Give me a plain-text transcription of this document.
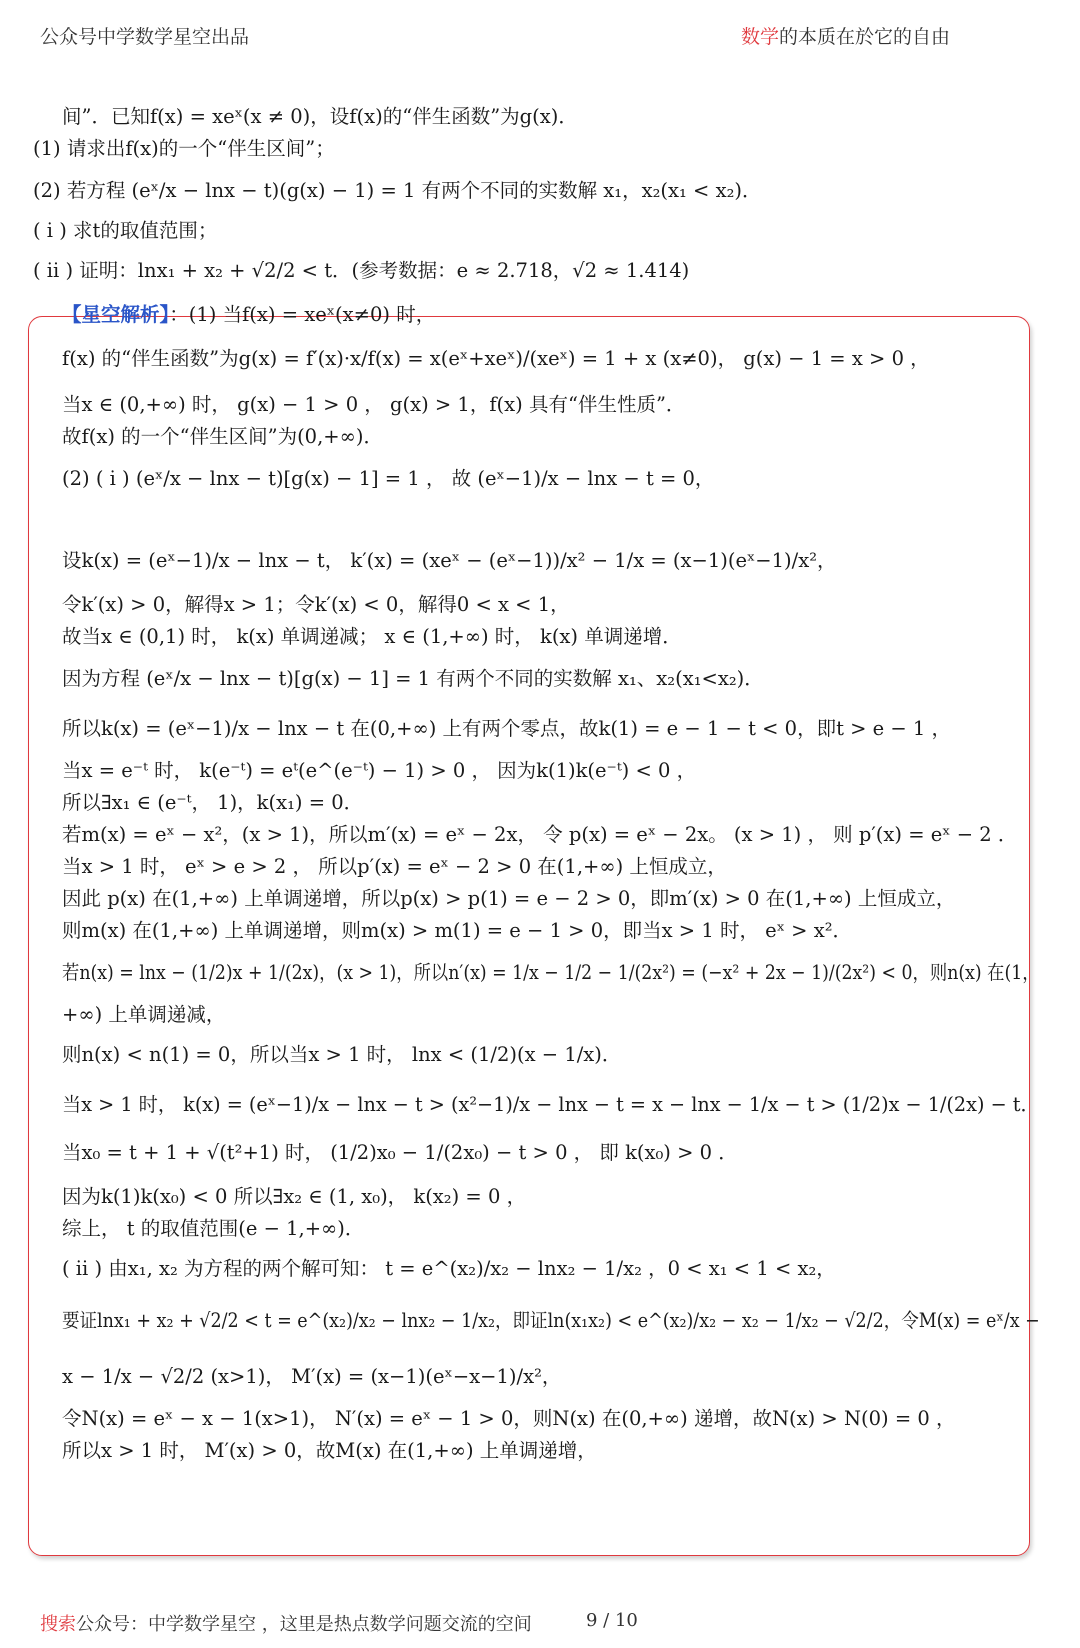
公众号中学数学星空出品	数学的本质在於它的自由
间”．已知f(x) = xeˣ(x ≠ 0)，设f(x)的“伴生函数”为g(x)．
(1) 请求出f(x)的一个“伴生区间”；
(2) 若方程 (eˣ/x − lnx − t)(g(x) − 1) = 1 有两个不同的实数解 x₁，x₂(x₁ < x₂)．
( i ) 求t的取值范围；
( ii ) 证明：lnx₁ + x₂ + √2/2 < t．(参考数据：e ≈ 2.718，√2 ≈ 1.414)
【星空解析】：(1) 当f(x) = xeˣ(x≠0) 时，
f(x) 的“伴生函数”为g(x) = f′(x)·x/f(x) = x(eˣ+xeˣ)/(xeˣ) = 1 + x (x≠0)， g(x) − 1 = x > 0 ，
当x ∈ (0,+∞) 时， g(x) − 1 > 0 ， g(x) > 1，f(x) 具有“伴生性质”．
故f(x) 的一个“伴生区间”为(0,+∞)．
(2) ( i ) (eˣ/x − lnx − t)[g(x) − 1] = 1 ， 故 (eˣ−1)/x − lnx − t = 0，
设k(x) = (eˣ−1)/x − lnx − t， k′(x) = (xeˣ − (eˣ−1))/x² − 1/x = (x−1)(eˣ−1)/x²，
令k′(x) > 0，解得x > 1；令k′(x) < 0，解得0 < x < 1，
故当x ∈ (0,1) 时， k(x) 单调递减； x ∈ (1,+∞) 时， k(x) 单调递增．
因为方程 (eˣ/x − lnx − t)[g(x) − 1] = 1 有两个不同的实数解 x₁、x₂(x₁<x₂)．
所以k(x) = (eˣ−1)/x − lnx − t 在(0,+∞) 上有两个零点，故k(1) = e − 1 − t < 0，即t > e − 1 ，
当x = e⁻ᵗ 时， k(e⁻ᵗ) = eᵗ(e^(e⁻ᵗ) − 1) > 0 ， 因为k(1)k(e⁻ᵗ) < 0 ，
所以∃x₁ ∈ (e⁻ᵗ， 1)，k(x₁) = 0．
若m(x) = eˣ − x²，(x > 1)，所以m′(x) = eˣ − 2x， 令 p(x) = eˣ − 2x。 (x > 1) ， 则 p′(x) = eˣ − 2 ．
当x > 1 时， eˣ > e > 2 ， 所以p′(x) = eˣ − 2 > 0 在(1,+∞) 上恒成立，
因此 p(x) 在(1,+∞) 上单调递增，所以p(x) > p(1) = e − 2 > 0，即m′(x) > 0 在(1,+∞) 上恒成立，
则m(x) 在(1,+∞) 上单调递增，则m(x) > m(1) = e − 1 > 0，即当x > 1 时， eˣ > x²．
若n(x) = lnx − (1/2)x + 1/(2x)，(x > 1)，所以n′(x) = 1/x − 1/2 − 1/(2x²) = (−x² + 2x − 1)/(2x²) < 0，则n(x) 在(1，
+∞) 上单调递减，
则n(x) < n(1) = 0，所以当x > 1 时， lnx < (1/2)(x − 1/x)．
当x > 1 时， k(x) = (eˣ−1)/x − lnx − t > (x²−1)/x − lnx − t = x − lnx − 1/x − t > (1/2)x − 1/(2x) − t．
当x₀ = t + 1 + √(t²+1) 时， (1/2)x₀ − 1/(2x₀) − t > 0 ， 即 k(x₀) > 0 ．
因为k(1)k(x₀) < 0 所以∃x₂ ∈ (1, x₀)， k(x₂) = 0 ，
综上， t 的取值范围(e − 1,+∞)．
( ii ) 由x₁, x₂ 为方程的两个解可知： t = e^(x₂)/x₂ − lnx₂ − 1/x₂ ，0 < x₁ < 1 < x₂，
要证lnx₁ + x₂ + √2/2 < t = e^(x₂)/x₂ − lnx₂ − 1/x₂，即证ln(x₁x₂) < e^(x₂)/x₂ − x₂ − 1/x₂ − √2/2，令M(x) = eˣ/x −
x − 1/x − √2/2 (x>1)， M′(x) = (x−1)(eˣ−x−1)/x²，
令N(x) = eˣ − x − 1(x>1)， N′(x) = eˣ − 1 > 0，则N(x) 在(0,+∞) 递增，故N(x) > N(0) = 0 ，
所以x > 1 时， M′(x) > 0，故M(x) 在(1,+∞) 上单调递增，
搜索公众号：中学数学星空 ，这里是热点数学问题交流的空间	9 / 10
